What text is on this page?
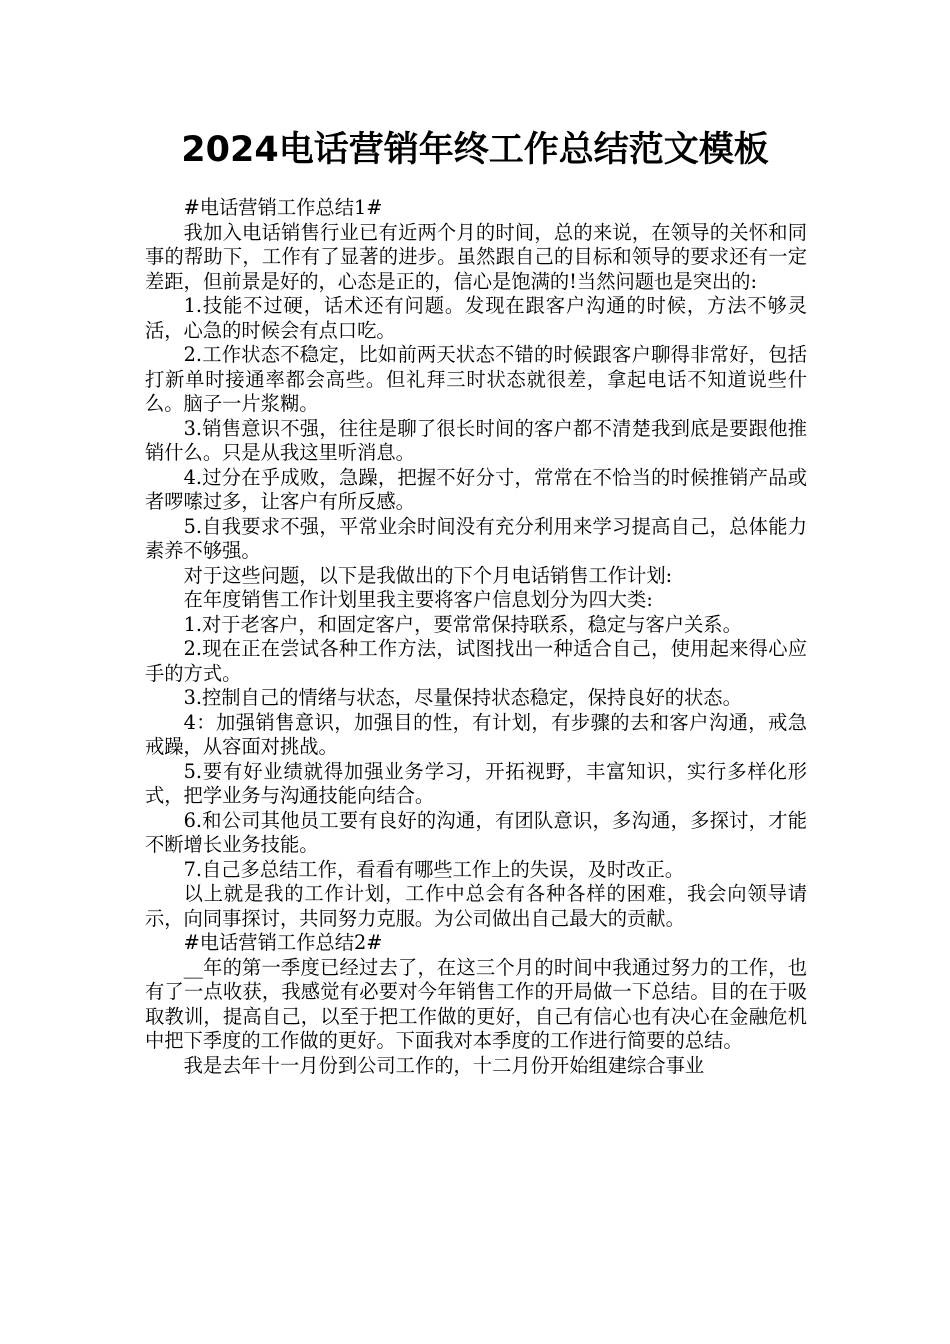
2024电话营销年终工作总结范文模板

#电话营销工作总结1#

我加入电话销售行业已有近两个月的时间，总的来说，在领导的关怀和同事的帮助下，工作有了显著的进步。虽然跟自己的目标和领导的要求还有一定差距，但前景是好的，心态是正的，信心是饱满的!当然问题也是突出的:

1.技能不过硬，话术还有问题。发现在跟客户沟通的时候，方法不够灵活，心急的时候会有点口吃。

2.工作状态不稳定，比如前两天状态不错的时候跟客户聊得非常好，包括打新单时接通率都会高些。但礼拜三时状态就很差，拿起电话不知道说些什么。脑子一片浆糊。

3.销售意识不强，往往是聊了很长时间的客户都不清楚我到底是要跟他推销什么。只是从我这里听消息。

4.过分在乎成败，急躁，把握不好分寸，常常在不恰当的时候推销产品或者啰嗦过多，让客户有所反感。

5.自我要求不强，平常业余时间没有充分利用来学习提高自己，总体能力素养不够强。

对于这些问题，以下是我做出的下个月电话销售工作计划:

在年度销售工作计划里我主要将客户信息划分为四大类:

1.对于老客户，和固定客户，要常常保持联系，稳定与客户关系。

2.现在正在尝试各种工作方法，试图找出一种适合自己，使用起来得心应手的方式。

3.控制自己的情绪与状态，尽量保持状态稳定，保持良好的状态。

4：加强销售意识，加强目的性，有计划，有步骤的去和客户沟通，戒急戒躁，从容面对挑战。

5.要有好业绩就得加强业务学习，开拓视野，丰富知识，实行多样化形式，把学业务与沟通技能向结合。

6.和公司其他员工要有良好的沟通，有团队意识，多沟通，多探讨，才能不断增长业务技能。

7.自己多总结工作，看看有哪些工作上的失误，及时改正。

以上就是我的工作计划，工作中总会有各种各样的困难，我会向领导请示，向同事探讨，共同努力克服。为公司做出自己最大的贡献。

#电话营销工作总结2#

__年的第一季度已经过去了，在这三个月的时间中我通过努力的工作，也有了一点收获，我感觉有必要对今年销售工作的开局做一下总结。目的在于吸取教训，提高自己，以至于把工作做的更好，自己有信心也有决心在金融危机中把下季度的工作做的更好。下面我对本季度的工作进行简要的总结。

我是去年十一月份到公司工作的，十二月份开始组建综合事业
